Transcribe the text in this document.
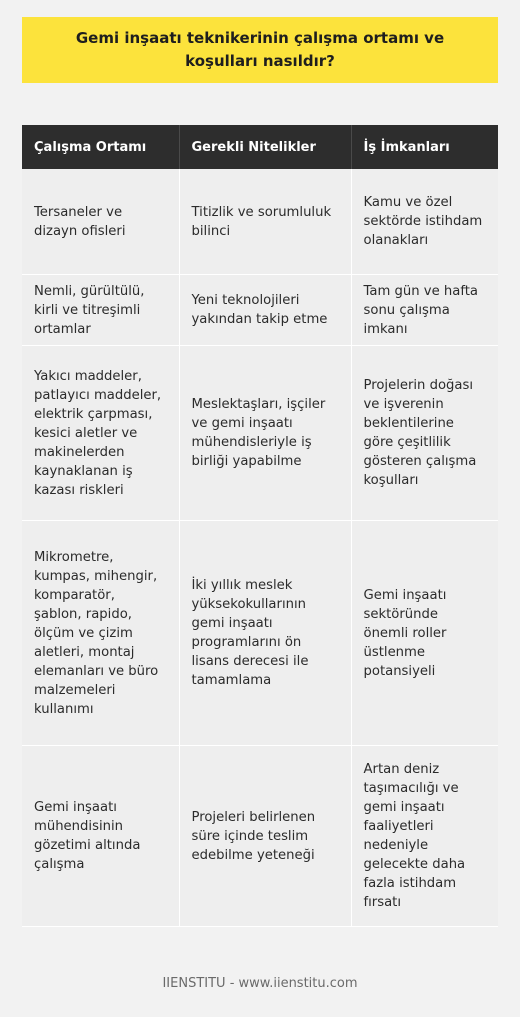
Gemi inşaatı teknikerinin çalışma ortamı ve koşulları nasıldır?
Çalışma Ortamı	Gerekli Nitelikler	İş İmkanları
Tersaneler ve dizayn ofisleri	Titizlik ve sorumluluk bilinci	Kamu ve özel sektörde istihdam olanakları
Nemli, gürültülü, kirli ve titreşimli ortamlar	Yeni teknolojileri yakından takip etme	Tam gün ve hafta sonu çalışma imkanı
Yakıcı maddeler, patlayıcı maddeler, elektrik çarpması, kesici aletler ve makinelerden kaynaklanan iş kazası riskleri	Meslektaşları, işçiler ve gemi inşaatı mühendisleriyle iş birliği yapabilme	Projelerin doğası ve işverenin beklentilerine göre çeşitlilik gösteren çalışma koşulları
Mikrometre, kumpas, mihengir, komparatör, şablon, rapido, ölçüm ve çizim aletleri, montaj elemanları ve büro malzemeleri kullanımı	İki yıllık meslek yüksekokullarının gemi inşaatı programlarını ön lisans derecesi ile tamamlama	Gemi inşaatı sektöründe önemli roller üstlenme potansiyeli
Gemi inşaatı mühendisinin gözetimi altında çalışma	Projeleri belirlenen süre içinde teslim edebilme yeteneği	Artan deniz taşımacılığı ve gemi inşaatı faaliyetleri nedeniyle gelecekte daha fazla istihdam fırsatı
IIENSTITU - www.iienstitu.com
